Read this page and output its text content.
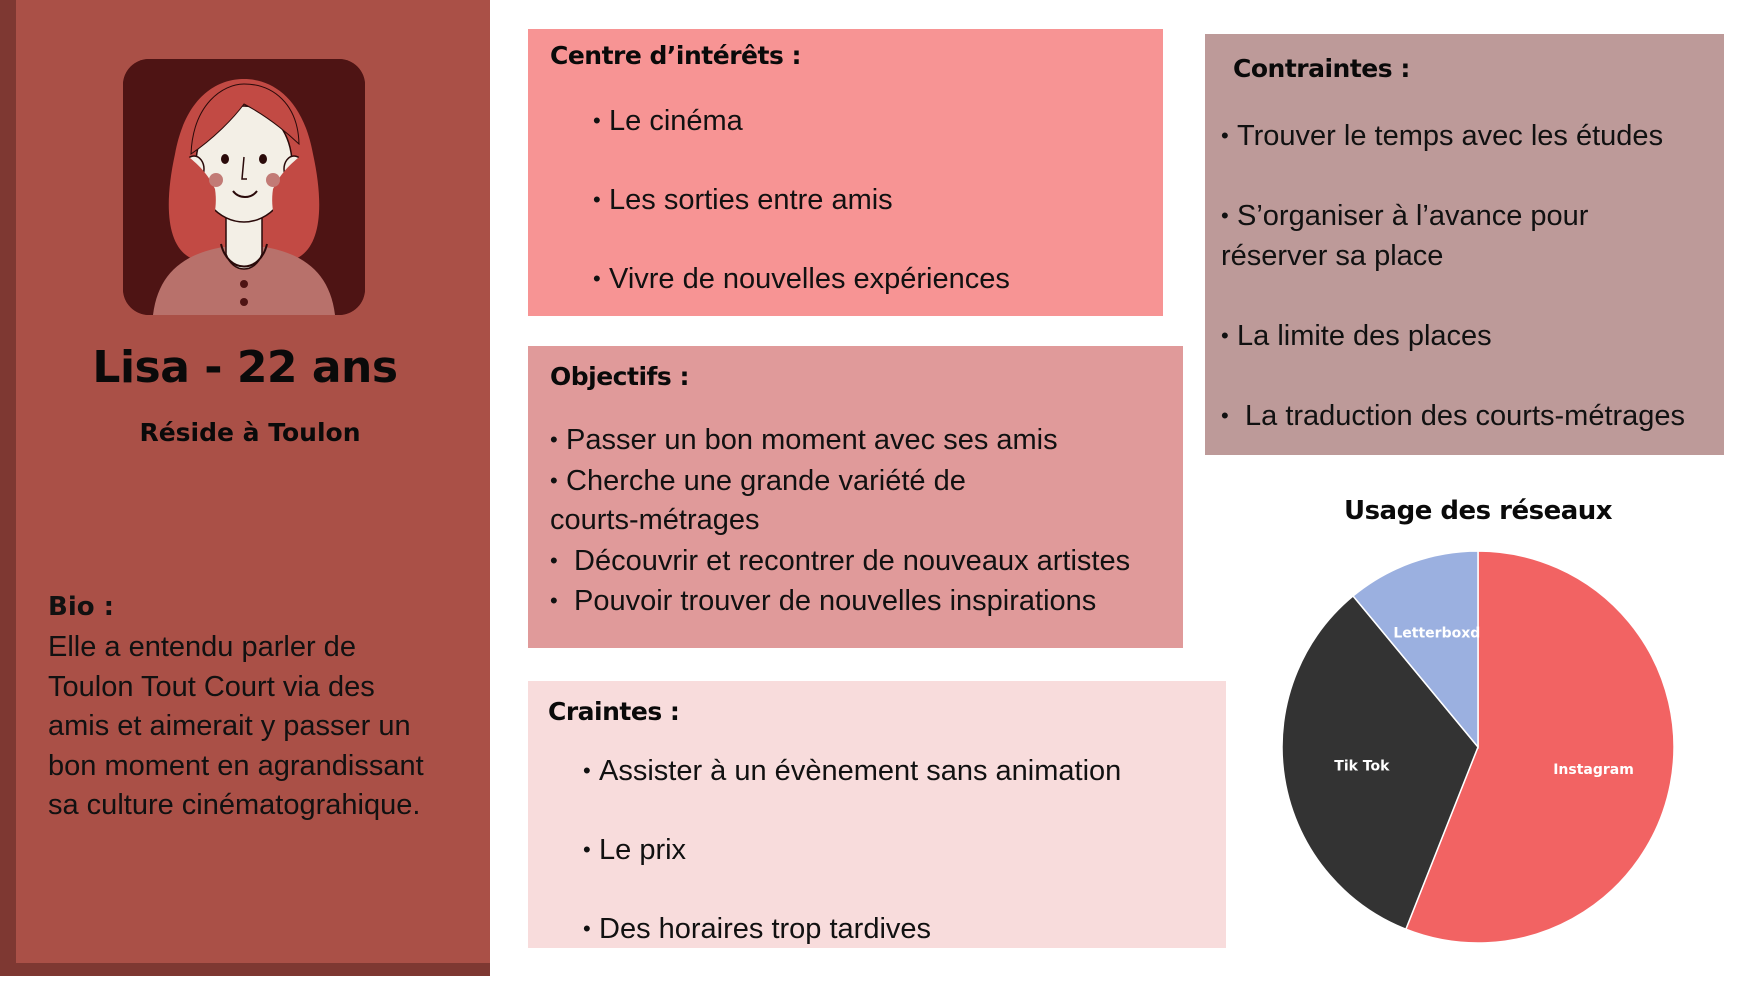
Lisa - 22 ans
Réside à Toulon
Bio :
Elle a entendu parler de
Toulon Tout Court via des
amis et aimerait y passer un
bon moment en agrandissant
sa culture cinématograhique.
Centre d’intérêts :
• Le cinéma
• Les sorties entre amis
• Vivre de nouvelles expériences
Objectifs :
• Passer un bon moment avec ses amis
• Cherche une grande variété de
courts-métrages
• Découvrir et recontrer de nouveaux artistes
• Pouvoir trouver de nouvelles inspirations
Craintes :
• Assister à un évènement sans animation
• Le prix
• Des horaires trop tardives
Contraintes :
• Trouver le temps avec les études
• S’organiser à l’avance pour
réserver sa place
• La limite des places
• La traduction des courts-métrages
Usage des réseaux
Instagram
Tik Tok
Letterboxd
